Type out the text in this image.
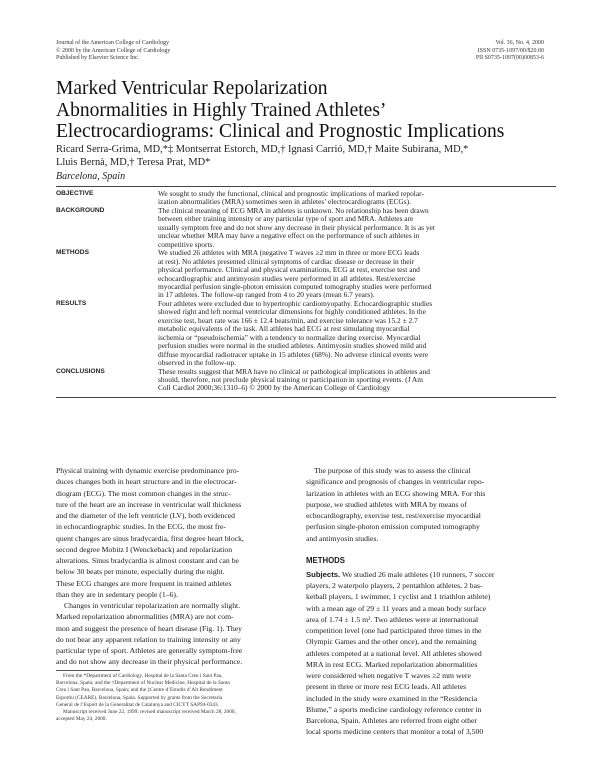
Journal of the American College of Cardiology
© 2000 by the American College of Cardiology
Published by Elsevier Science Inc.
Vol. 36, No. 4, 2000
ISSN 0735-1097/00/$20.00
PII S0735-1097(00)00853-6
Marked Ventricular Repolarization
Abnormalities in Highly Trained Athletes’
Electrocardiograms: Clinical and Prognostic Implications
Ricard Serra-Grima, MD,*‡ Montserrat Estorch, MD,† Ignasi Carrió, MD,† Maite Subirana, MD,*
Lluis Bernà, MD,† Teresa Prat, MD*
Barcelona, Spain
OBJECTIVE	We sought to study the functional, clinical and prognostic implications of marked repolar-
ization abnormalities (MRA) sometimes seen in athletes’ electrocardiograms (ECGs).
BACKGROUND	The clinical meaning of ECG MRA in athletes is unknown. No relationship has been drawn
between either training intensity or any particular type of sport and MRA. Athletes are
usually symptom free and do not show any decrease in their physical performance. It is as yet
unclear whether MRA may have a negative effect on the performance of such athletes in
competitive sports.
METHODS	We studied 26 athletes with MRA (negative T waves ≥2 mm in three or more ECG leads
at rest). No athletes presented clinical symptoms of cardiac disease or decrease in their
physical performance. Clinical and physical examinations, ECG at rest, exercise test and
echocardiographic and antimyosin studies were performed in all athletes. Rest/exercise
myocardial perfusion single-photon emission computed tomography studies were performed
in 17 athletes. The follow-up ranged from 4 to 20 years (mean 6.7 years).
RESULTS	Four athletes were excluded due to hypertrophic cardiomyopathy. Echocardiographic studies
showed right and left normal ventricular dimensions for highly conditioned athletes. In the
exercise test, heart rate was 166 ± 12.4 beats/min, and exercise tolerance was 15.2 ± 2.7
metabolic equivalents of the task. All athletes had ECG at rest simulating myocardial
ischemia or “pseudoischemia” with a tendency to normalize during exercise. Myocardial
perfusion studies were normal in the studied athletes. Antimyosin studies showed mild and
diffuse myocardial radiotracer uptake in 15 athletes (68%). No adverse clinical events were
observed in the follow-up.
CONCLUSIONS	These results suggest that MRA have no clinical or pathological implications in athletes and
should, therefore, not preclude physical training or participation in sporting events. (J Am
Coll Cardiol 2000;36:1310–6) © 2000 by the American College of Cardiology
Physical training with dynamic exercise predominance pro-
duces changes both in heart structure and in the electrocar-
diogram (ECG). The most common changes in the struc-
ture of the heart are an increase in ventricular wall thickness
and the diameter of the left ventricle (LV), both evidenced
in echocardiographic studies. In the ECG, the most fre-
quent changes are sinus bradycardia, first degree heart block,
second degree Mobitz I (Wenckeback) and repolarization
alterations. Sinus bradycardia is almost constant and can be
below 30 beats per minute, especially during the night.
These ECG changes are more frequent in trained athletes
than they are in sedentary people (1–6).
Changes in ventricular repolarization are normally slight.
Marked repolarization abnormalities (MRA) are not com-
mon and suggest the presence of heart disease (Fig. 1). They
do not bear any apparent relation to training intensity or any
particular type of sport. Athletes are generally symptom-free
and do not show any decrease in their physical performance.
The purpose of this study was to assess the clinical
significance and prognosis of changes in ventricular repo-
larization in athletes with an ECG showing MRA. For this
purpose, we studied athletes with MRA by means of
echocardiography, exercise test, rest/exercise myocardial
perfusion single-photon emission computed tomography
and antimyosin studies.
METHODS
Subjects. We studied 26 male athletes (10 runners, 7 soccer
players, 2 waterpolo players, 2 pentathlon athletes, 2 bas-
ketball players, 1 swimmer, 1 cyclist and 1 triathlon athlete)
with a mean age of 29 ± 11 years and a mean body surface
area of 1.74 ± 1.5 m². Two athletes were at international
competition level (one had participated three times in the
Olympic Games and the other once), and the remaining
athletes competed at a national level. All athletes showed
MRA in rest ECG. Marked repolarization abnormalities
were considered when negative T waves ≥2 mm were
present in three or more rest ECG leads. All athletes
included in the study were examined in the “Residencia
Blume,” a sports medicine cardiology reference center in
Barcelona, Spain. Athletes are referred from eight other
local sports medicine centers that monitor a total of 3,500
From the *Department of Cardiology, Hospital de la Santa Creu i Sant Pau,
Barcelona, Spain; and the †Department of Nuclear Medicine, Hospital de la Santa
Creu i Sant Pau, Barcelona, Spain; and the ‡Centre d’Estudis d’Alt Rendiment
Esportiu (CEARE), Barcelona, Spain. Supported by grants from the Secretaria
General de l’Esport de la Generalitat de Catalunya and CICYT SAP94-0343.
Manuscript received June 22, 1999; revised manuscript received March 28, 2000,
accepted May 24, 2000.
